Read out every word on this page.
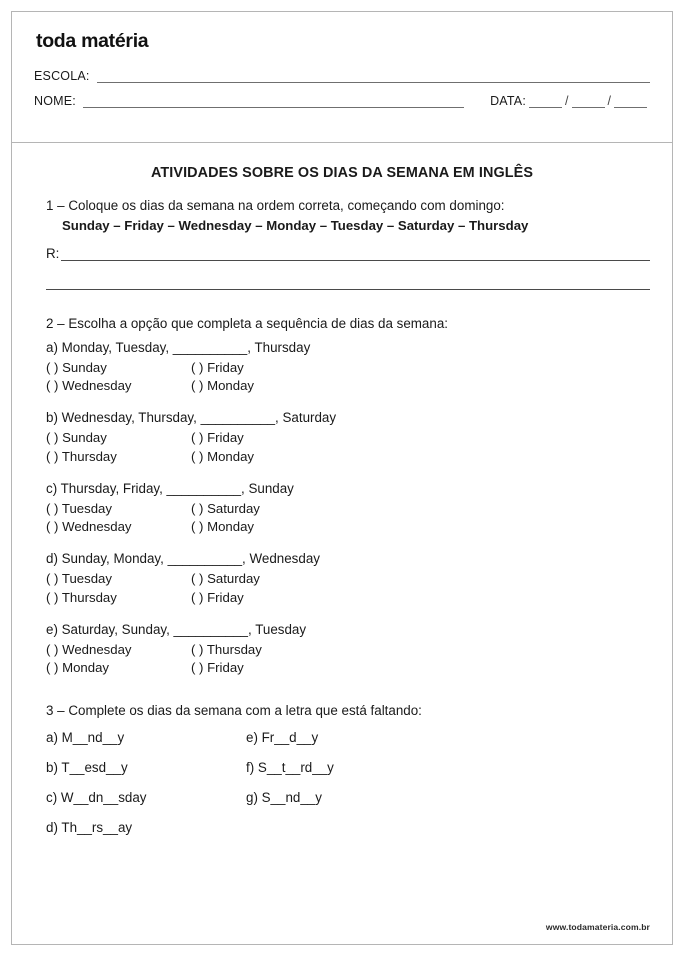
toda matéria
ESCOLA:
NOME:	DATA:	/	/
ATIVIDADES SOBRE OS DIAS DA SEMANA EM INGLÊS
1 – Coloque os dias da semana na ordem correta, começando com domingo:
Sunday – Friday – Wednesday – Monday – Tuesday – Saturday – Thursday
R:
2 – Escolha a opção que completa a sequência de dias da semana:
a) Monday, Tuesday, __________, Thursday
( ) Sunday	( ) Friday
( ) Wednesday	( ) Monday
b) Wednesday, Thursday, __________, Saturday
( ) Sunday	( ) Friday
( ) Thursday	( ) Monday
c) Thursday, Friday, __________, Sunday
( ) Tuesday	( ) Saturday
( ) Wednesday	( ) Monday
d) Sunday, Monday, __________, Wednesday
( ) Tuesday	( ) Saturday
( ) Thursday	( ) Friday
e) Saturday, Sunday, __________, Tuesday
( ) Wednesday	( ) Thursday
( ) Monday	( ) Friday
3 – Complete os dias da semana com a letra que está faltando:
a) M__nd__y	e) Fr__d__y
b) T__esd__y	f) S__t__rd__y
c) W__dn__sday	g) S__nd__y
d) Th__rs__ay
www.todamateria.com.br
